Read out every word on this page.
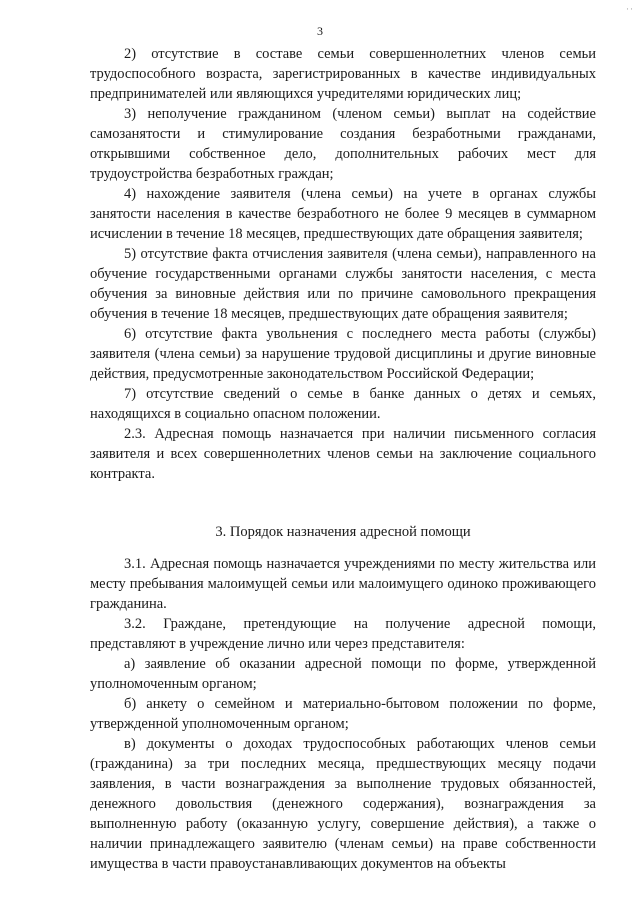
··
3

2) отсутствие в составе семьи совершеннолетних членов семьи трудоспособного возраста, зарегистрированных в качестве индивидуальных предпринимателей или являющихся учредителями юридических лиц;

3) неполучение гражданином (членом семьи) выплат на содействие самозанятости и стимулирование создания безработными гражданами, открывшими собственное дело, дополнительных рабочих мест для трудоустройства безработных граждан;

4) нахождение заявителя (члена семьи) на учете в органах службы занятости населения в качестве безработного не более 9 месяцев в суммарном исчислении в течение 18 месяцев, предшествующих дате обращения заявителя;

5) отсутствие факта отчисления заявителя (члена семьи), направленного на обучение государственными органами службы занятости населения, с места обучения за виновные действия или по причине самовольного прекращения обучения в течение 18 месяцев, предшествующих дате обращения заявителя;

6) отсутствие факта увольнения с последнего места работы (службы) заявителя (члена семьи) за нарушение трудовой дисциплины и другие виновные действия, предусмотренные законодательством Российской Федерации;

7) отсутствие сведений о семье в банке данных о детях и семьях, находящихся в социально опасном положении.

2.3. Адресная помощь назначается при наличии письменного согласия заявителя и всех совершеннолетних членов семьи на заключение социального контракта.

3. Порядок назначения адресной помощи

3.1. Адресная помощь назначается учреждениями по месту жительства или месту пребывания малоимущей семьи или малоимущего одиноко проживающего гражданина.

3.2. Граждане, претендующие на получение адресной помощи, представляют в учреждение лично или через представителя:

а) заявление об оказании адресной помощи по форме, утвержденной уполномоченным органом;

б) анкету о семейном и материально-бытовом положении по форме, утвержденной уполномоченным органом;

в) документы о доходах трудоспособных работающих членов семьи (гражданина) за три последних месяца, предшествующих месяцу подачи заявления, в части вознаграждения за выполнение трудовых обязанностей, денежного довольствия (денежного содержания), вознаграждения за выполненную работу (оказанную услугу, совершение действия), а также о наличии принадлежащего заявителю (членам семьи) на праве собственности имущества в части правоустанавливающих документов на объекты
